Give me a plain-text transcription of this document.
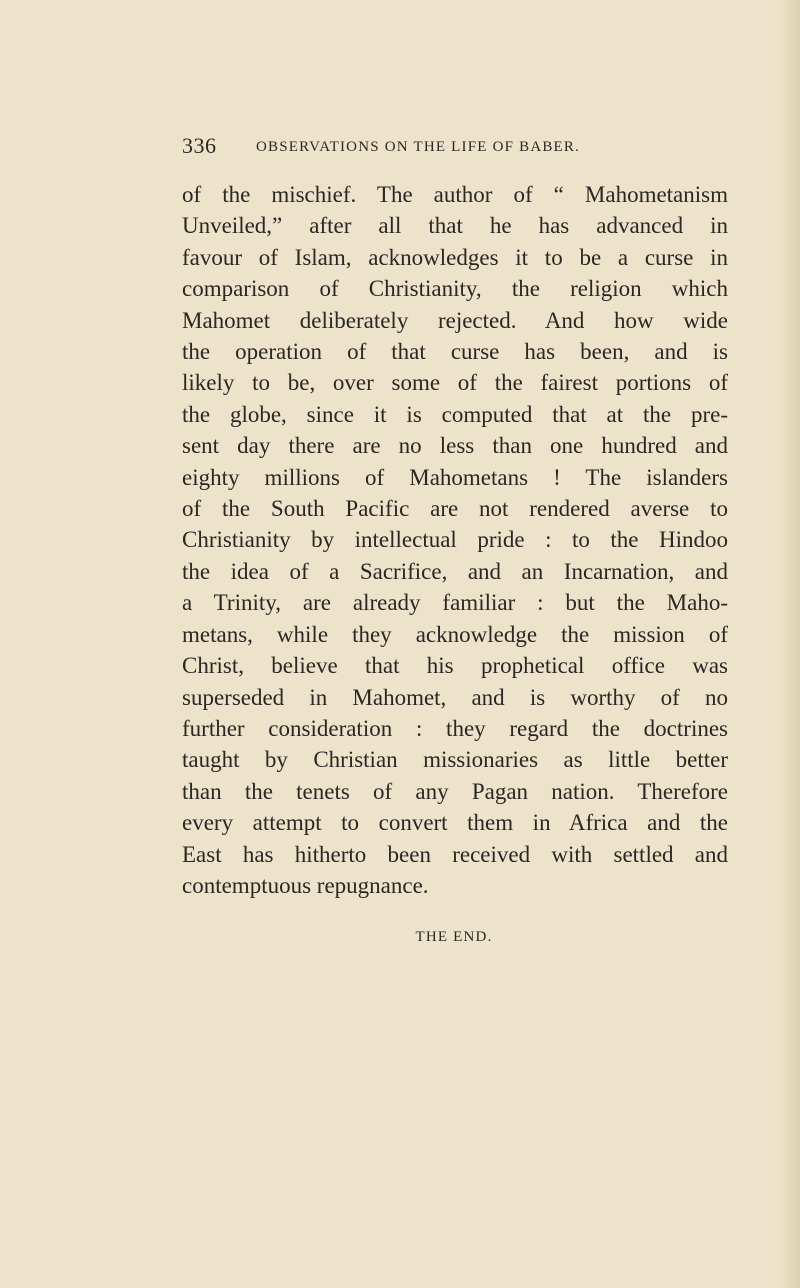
336	OBSERVATIONS ON THE LIFE OF BABER.
of the mischief. The author of “ Mahometanism
Unveiled,” after all that he has advanced in
favour of Islam, acknowledges it to be a curse in
comparison of Christianity, the religion which
Mahomet deliberately rejected. And how wide
the operation of that curse has been, and is
likely to be, over some of the fairest portions of
the globe, since it is computed that at the pre-
sent day there are no less than one hundred and
eighty millions of Mahometans ! The islanders
of the South Pacific are not rendered averse to
Christianity by intellectual pride : to the Hindoo
the idea of a Sacrifice, and an Incarnation, and
a Trinity, are already familiar : but the Maho-
metans, while they acknowledge the mission of
Christ, believe that his prophetical office was
superseded in Mahomet, and is worthy of no
further consideration : they regard the doctrines
taught by Christian missionaries as little better
than the tenets of any Pagan nation. Therefore
every attempt to convert them in Africa and the
East has hitherto been received with settled and
contemptuous repugnance.
THE END.
